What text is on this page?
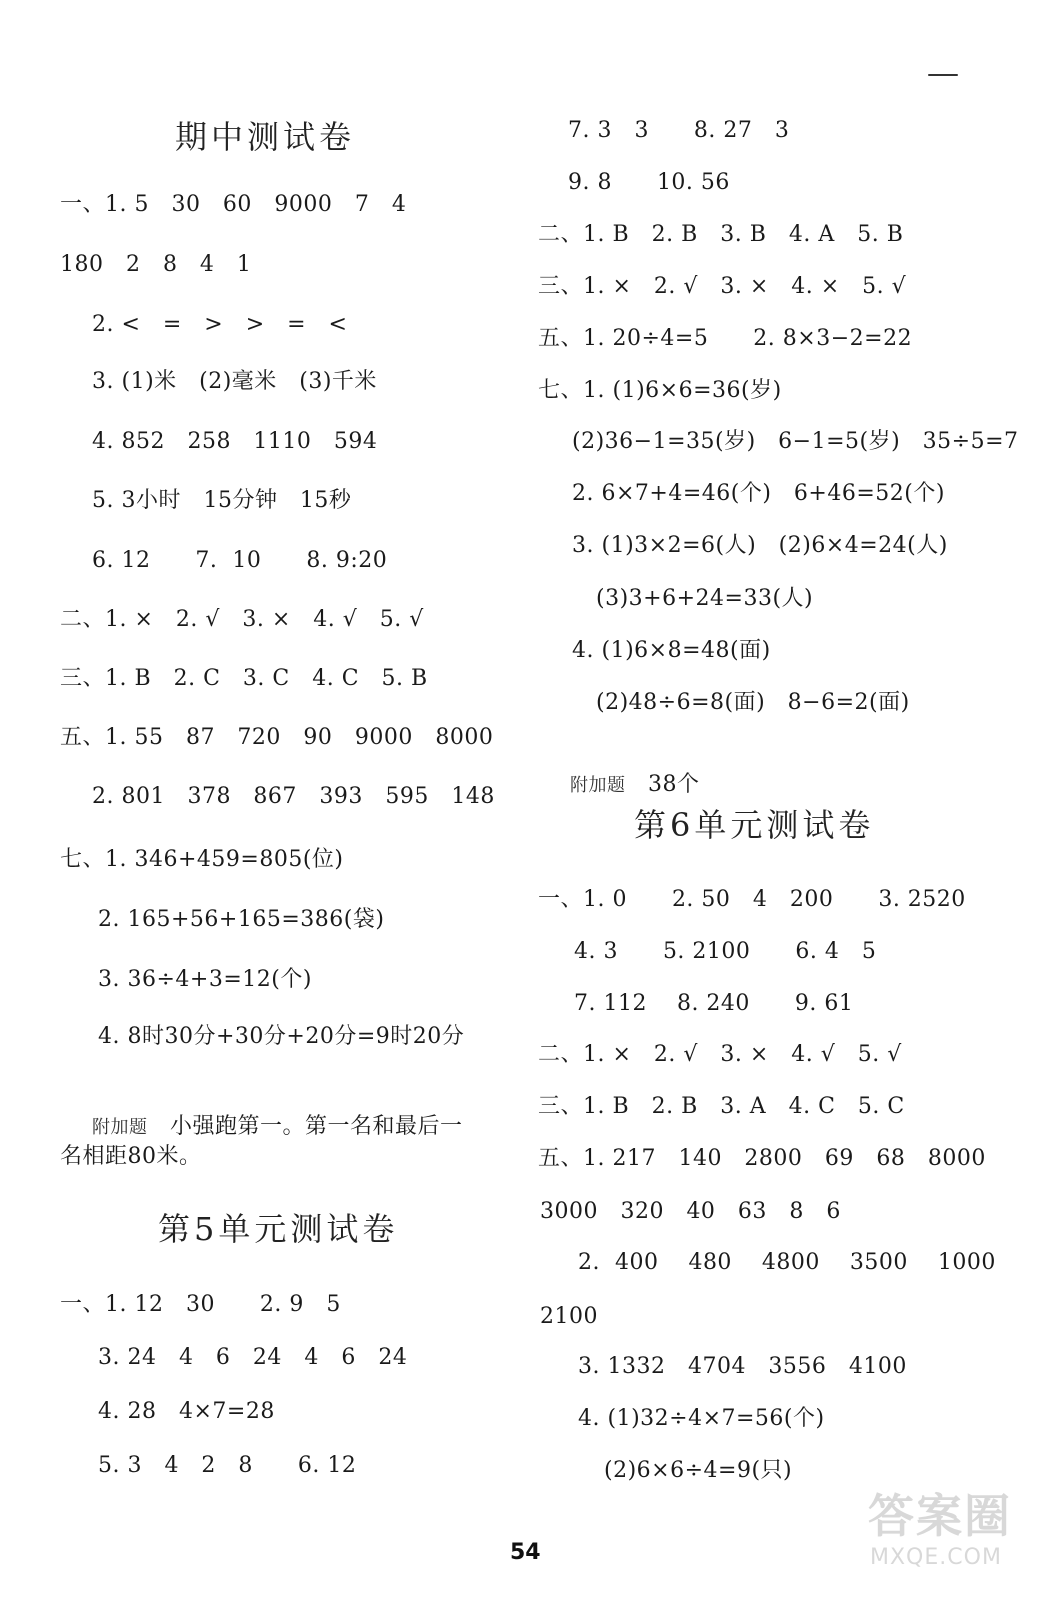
期中测试卷
一、1. 5   30   60   9000   7   4
180   2   8   4   1
2. <   =   >   >   =   <
3. (1)米   (2)毫米   (3)千米
4. 852   258   1110   594
5. 3小时   15分钟   15秒
6. 12      7.  10      8. 9:20
二、1. ×   2. √   3. ×   4. √   5. √
三、1. B   2. C   3. C   4. C   5. B
五、1. 55   87   720   90   9000   8000
2. 801   378   867   393   595   148
七、1. 346+459=805(位)
2. 165+56+165=386(袋)
3. 36÷4+3=12(个)
4. 8时30分+30分+20分=9时20分

附加题 小强跑第一。第一名和最后一

名相距80米。
第5单元测试卷
一、1. 12   30      2. 9   5
3. 24   4   6   24   4   6   24
4. 28   4×7=28
5. 3   4   2   8      6. 12
7. 3   3      8. 27   3
9. 8      10. 56
二、1. B   2. B   3. B   4. A   5. B
三、1. ×   2. √   3. ×   4. ×   5. √
五、1. 20÷4=5      2. 8×3−2=22
七、1. (1)6×6=36(岁)
(2)36−1=35(岁)   6−1=5(岁)   35÷5=7
2. 6×7+4=46(个)   6+46=52(个)
3. (1)3×2=6(人)   (2)6×4=24(人)
(3)3+6+24=33(人)
4. (1)6×8=48(面)
(2)48÷6=8(面)   8−6=2(面)

附加题 38个

第6单元测试卷
一、1. 0      2. 50   4   200      3. 2520
4. 3      5. 2100      6. 4   5
7. 112    8. 240      9. 61
二、1. ×   2. √   3. ×   4. √   5. √
三、1. B   2. B   3. A   4. C   5. C
五、1. 217   140   2800   69   68   8000
3000   320   40   63   8   6
2.  400    480    4800    3500    1000
2100
3. 1332   4704   3556   4100
4. (1)32÷4×7=56(个)
(2)6×6÷4=9(只)
54
答案圈
MXQE.COM
